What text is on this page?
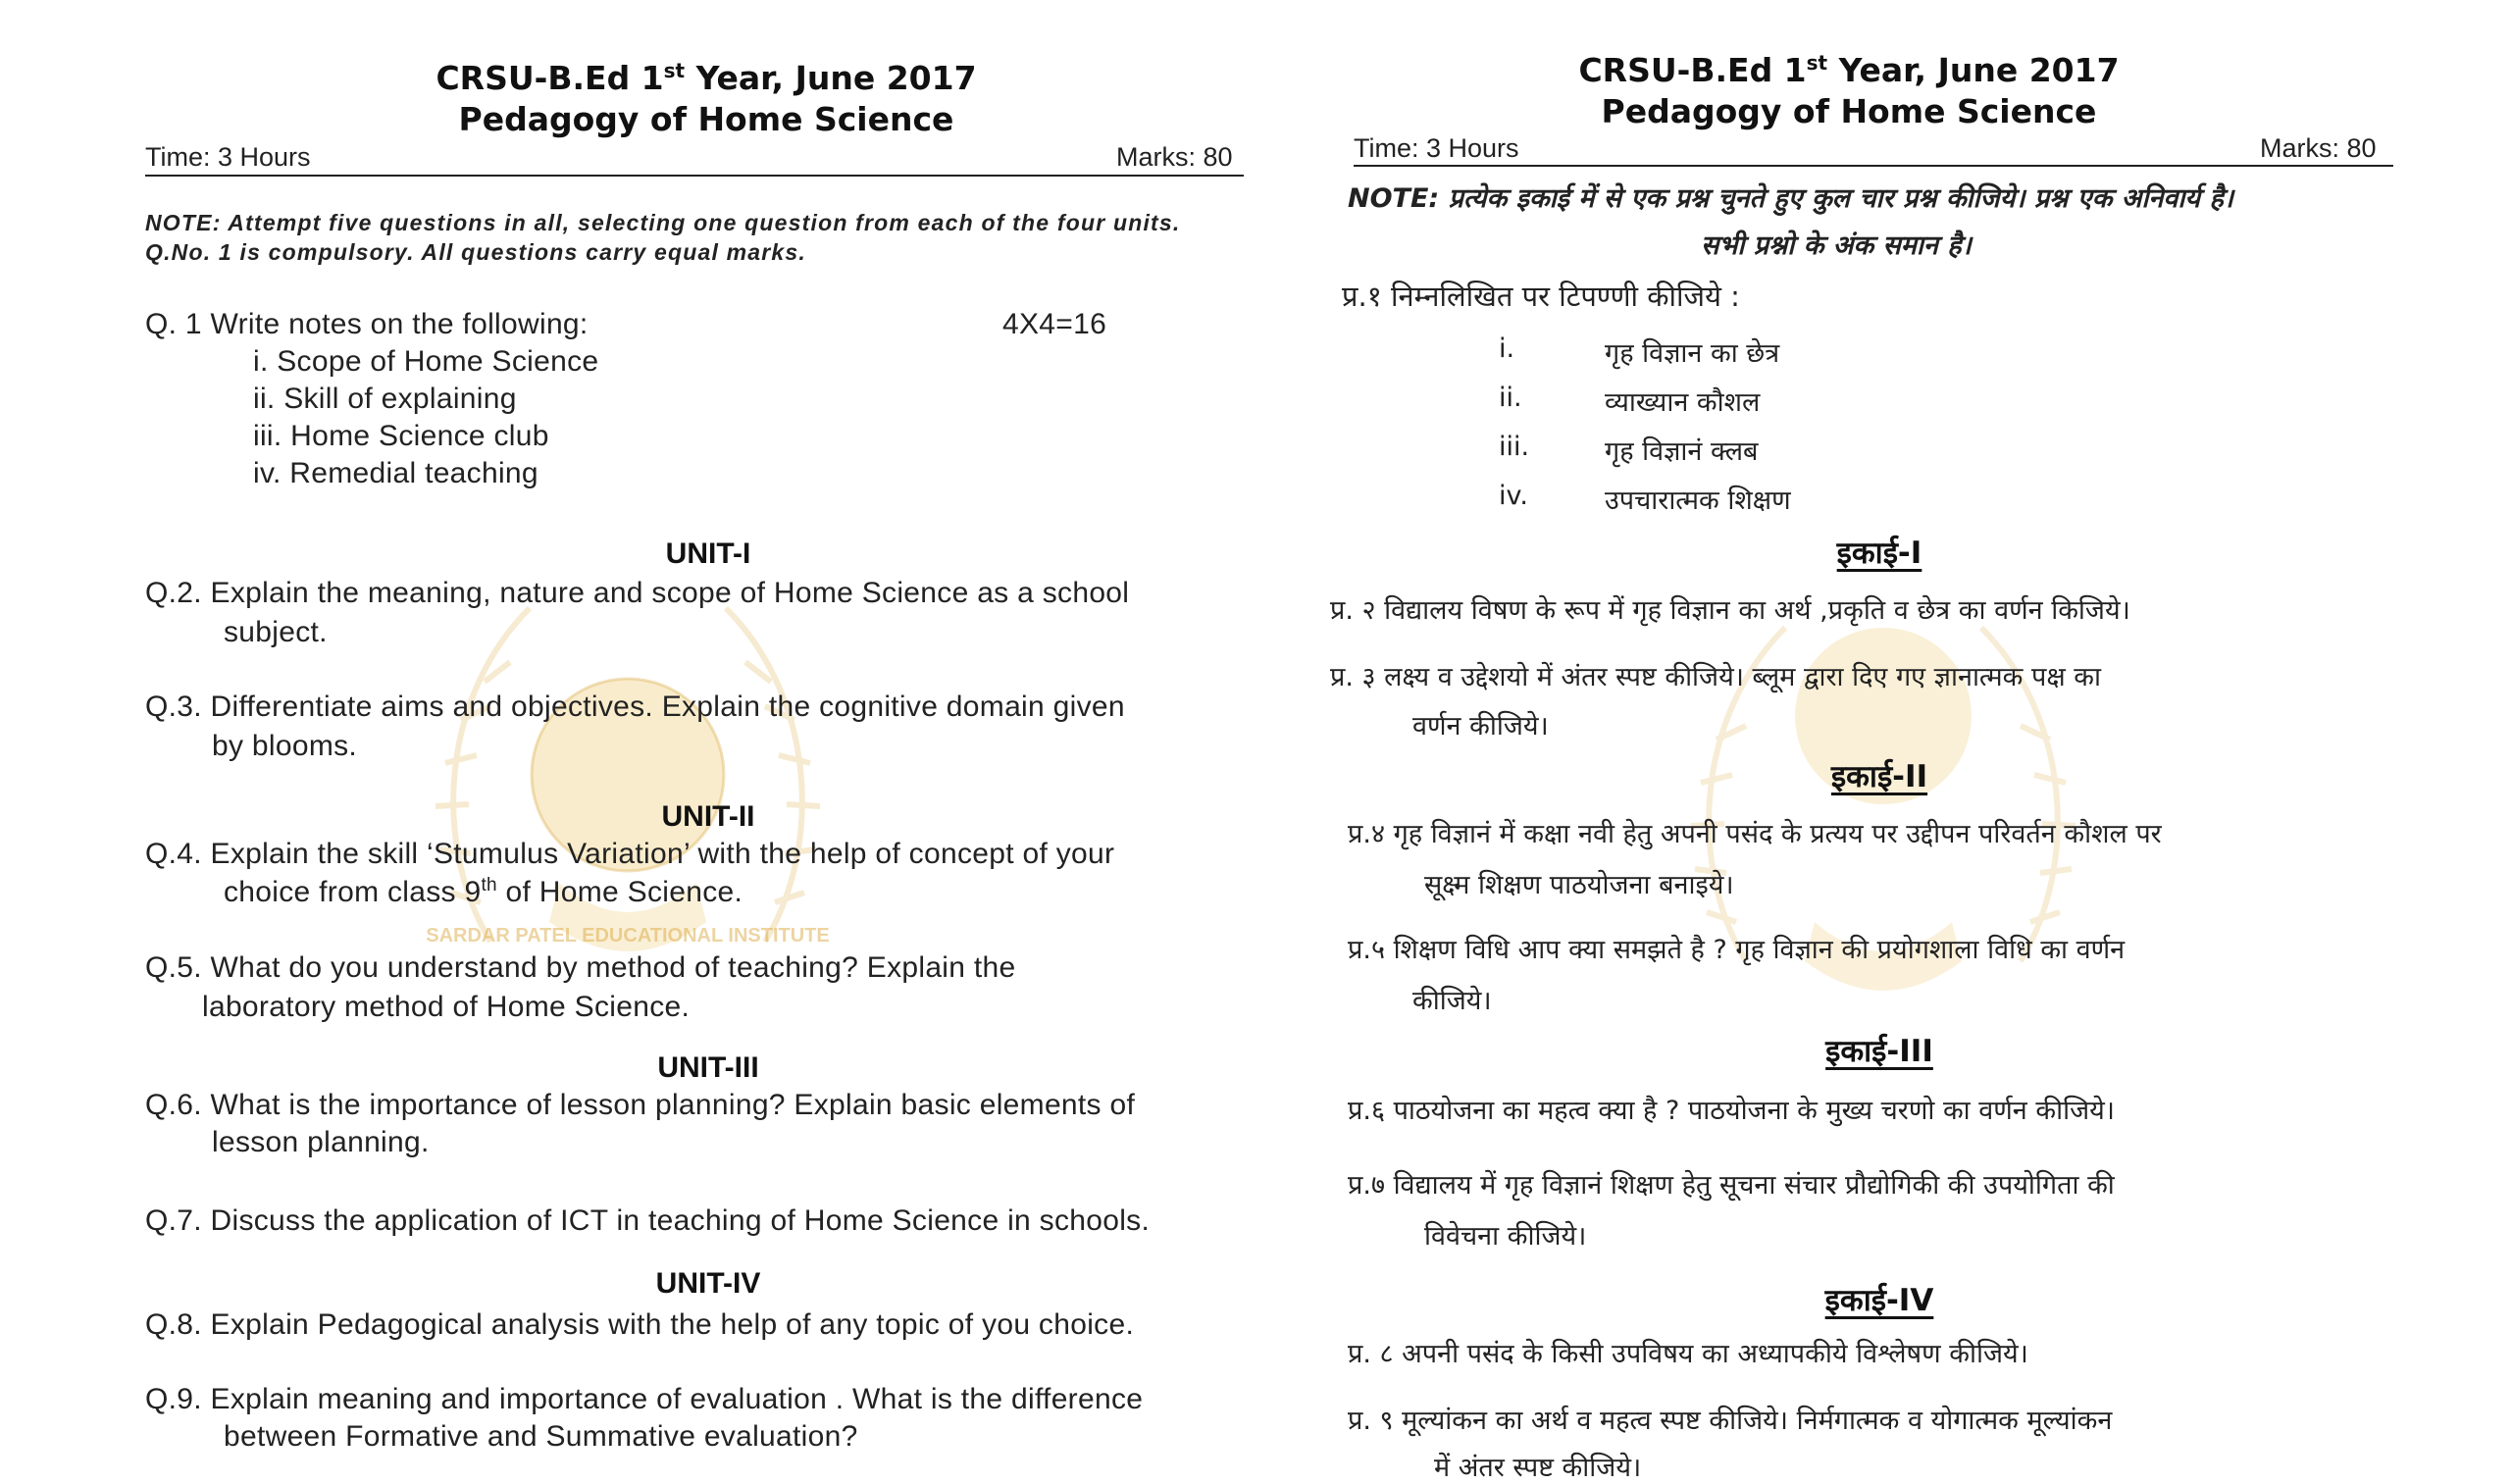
SARDAR PATEL EDUCATIONAL INSTITUTE
CRSU-B.Ed 1st Year, June 2017
Pedagogy of Home Science
Time: 3 Hours	Marks: 80
NOTE: Attempt five questions in all, selecting one question from each of the four units.
Q.No. 1 is compulsory. All questions carry equal marks.
Q. 1 Write notes on the following:	4X4=16
i. Scope of Home Science
ii. Skill of explaining
iii. Home Science club
iv. Remedial teaching
UNIT-I
Q.2. Explain the meaning, nature and scope of Home Science as a school
subject.
Q.3. Differentiate aims and objectives. Explain the cognitive domain given
by blooms.
UNIT-II
Q.4. Explain the skill ‘Stumulus Variation’ with the help of concept of your
choice from class 9th of Home Science.
Q.5. What do you understand by method of teaching? Explain the
laboratory method of Home Science.
UNIT-III
Q.6. What is the importance of lesson planning? Explain basic elements of
lesson planning.
Q.7. Discuss the application of ICT in teaching of Home Science in schools.
UNIT-IV
Q.8. Explain Pedagogical analysis with the help of any topic of you choice.
Q.9. Explain meaning and importance of evaluation . What is the difference
between Formative and Summative evaluation?
CRSU-B.Ed 1st Year, June 2017
Pedagogy of Home Science
Time: 3 Hours	Marks: 80
NOTE: प्रत्येक इकाई में से एक प्रश्न चुनते हुए कुल चार प्रश्न कीजिये। प्रश्न एक अनिवार्य है।
सभी प्रश्नो के अंक समान है।
प्र.१ निम्नलिखित पर टिपण्णी कीजिये :
i.	गृह विज्ञान का छेत्र
ii.	व्याख्यान कौशल
iii.	गृह विज्ञानं क्लब
iv.	उपचारात्मक शिक्षण
इकाई-I
प्र. २ विद्यालय विषण के रूप में गृह विज्ञान का अर्थ ,प्रकृति व छेत्र का वर्णन किजिये।
प्र. ३ लक्ष्य व उद्देशयो में अंतर स्पष्ट कीजिये। ब्लूम द्वारा दिए गए ज्ञानात्मक पक्ष का
वर्णन कीजिये।
इकाई-II
प्र.४ गृह विज्ञानं में कक्षा नवी हेतु अपनी पसंद के प्रत्यय पर उद्दीपन परिवर्तन कौशल पर
सूक्ष्म शिक्षण पाठयोजना बनाइये।
प्र.५ शिक्षण विधि आप क्या समझते है ? गृह विज्ञान की प्रयोगशाला विधि का वर्णन
कीजिये।
इकाई-III
प्र.६ पाठयोजना का महत्व क्या है ? पाठयोजना के मुख्य चरणो का वर्णन कीजिये।
प्र.७ विद्यालय में गृह विज्ञानं शिक्षण हेतु सूचना संचार प्रौद्योगिकी की उपयोगिता की
विवेचना कीजिये।
इकाई-IV
प्र. ८ अपनी पसंद के किसी उपविषय का अध्यापकीये विश्लेषण कीजिये।
प्र. ९ मूल्यांकन का अर्थ व महत्व स्पष्ट कीजिये। निर्मगात्मक व योगात्मक मूल्यांकन
में अंतर स्पष्ट कीजिये।
